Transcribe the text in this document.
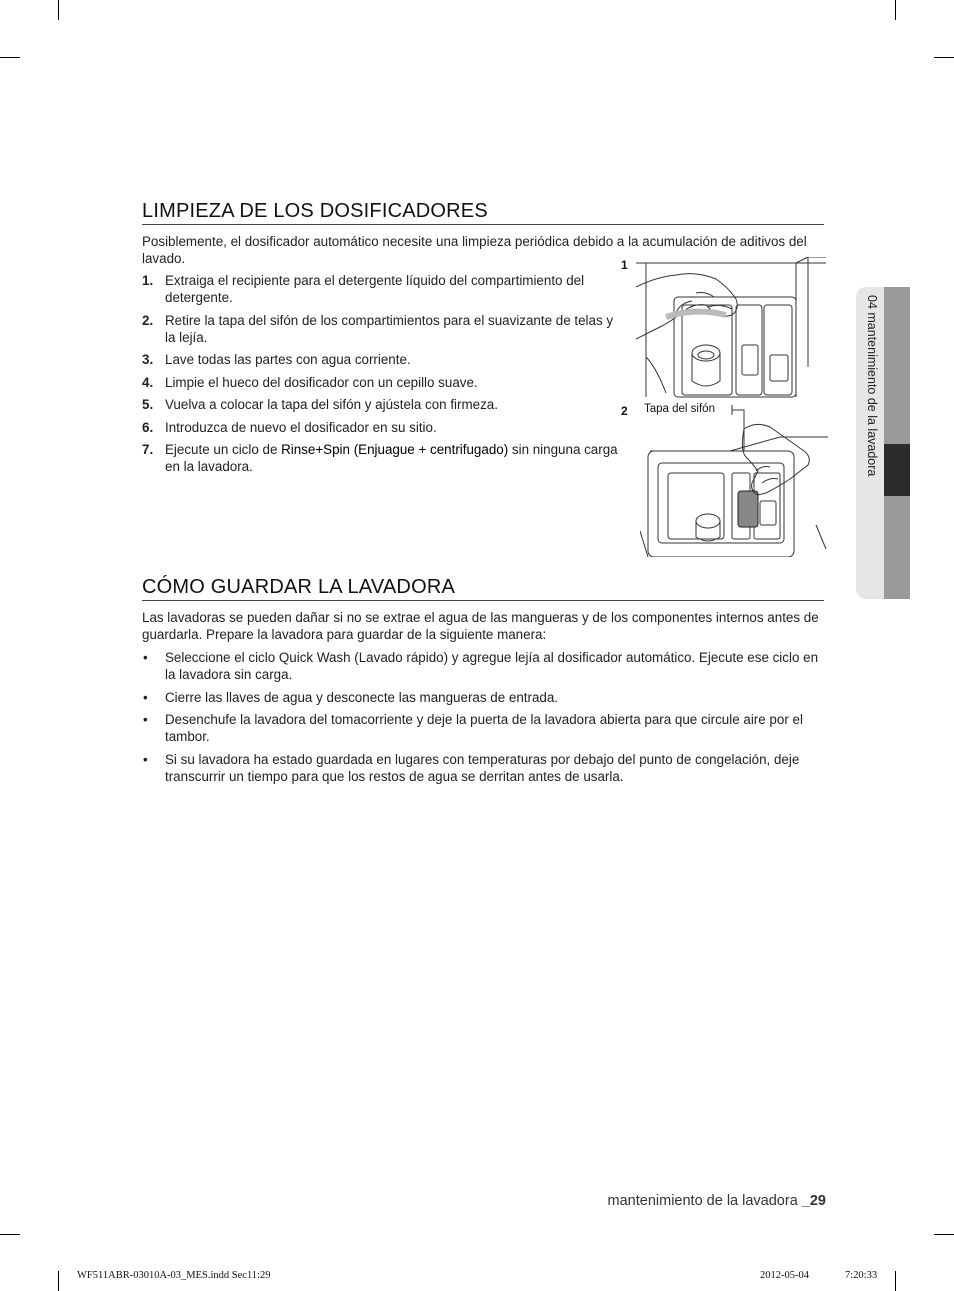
LIMPIEZA DE LOS DOSIFICADORES

Posiblemente, el dosificador automático necesite una limpieza periódica debido a la acumulación de aditivos del lavado.

1. Extraiga el recipiente para el detergente líquido del compartimiento del detergente.
2. Retire la tapa del sifón de los compartimientos para el suavizante de telas y la lejía.
3. Lave todas las partes con agua corriente.
4. Limpie el hueco del dosificador con un cepillo suave.
5. Vuelva a colocar la tapa del sifón y ajústela con firmeza.
6. Introduzca de nuevo el dosificador en su sitio.
7. Ejecute un ciclo de Rinse+Spin (Enjuague + centrifugado) sin ninguna carga en la lavadora.
1
2 Tapa del sifón
CÓMO GUARDAR LA LAVADORA

Las lavadoras se pueden dañar si no se extrae el agua de las mangueras y de los componentes internos antes de guardarla. Prepare la lavadora para guardar de la siguiente manera:

• Seleccione el ciclo Quick Wash (Lavado rápido) y agregue lejía al dosificador automático. Ejecute ese ciclo en la lavadora sin carga.
• Cierre las llaves de agua y desconecte las mangueras de entrada.
• Desenchufe la lavadora del tomacorriente y deje la puerta de la lavadora abierta para que circule aire por el tambor.
• Si su lavadora ha estado guardada en lugares con temperaturas por debajo del punto de congelación, deje transcurrir un tiempo para que los restos de agua se derritan antes de usarla.
04 mantenimiento de la lavadora
mantenimiento de la lavadora _29
WF511ABR-03010A-03_MES.indd Sec11:29	2012-05-04	7:20:33
